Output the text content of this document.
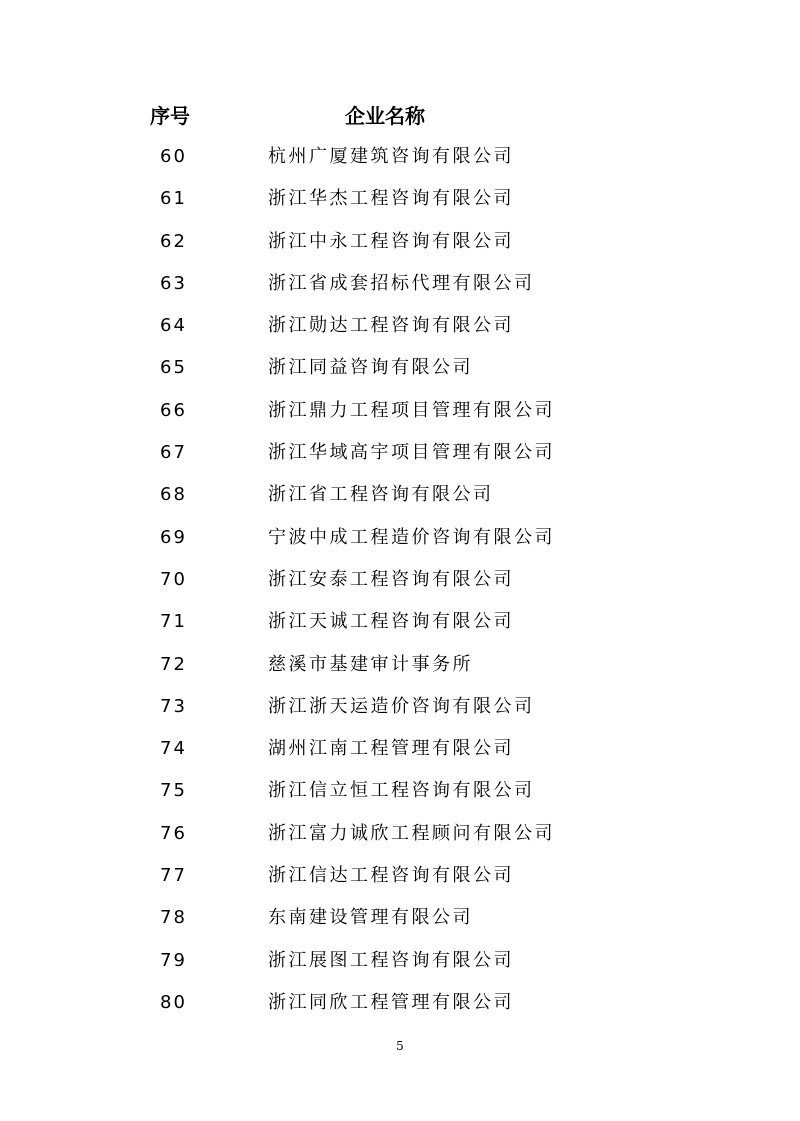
序号	企业名称
60	杭州广厦建筑咨询有限公司
61	浙江华杰工程咨询有限公司
62	浙江中永工程咨询有限公司
63	浙江省成套招标代理有限公司
64	浙江勋达工程咨询有限公司
65	浙江同益咨询有限公司
66	浙江鼎力工程项目管理有限公司
67	浙江华域高宇项目管理有限公司
68	浙江省工程咨询有限公司
69	宁波中成工程造价咨询有限公司
70	浙江安泰工程咨询有限公司
71	浙江天诚工程咨询有限公司
72	慈溪市基建审计事务所
73	浙江浙天运造价咨询有限公司
74	湖州江南工程管理有限公司
75	浙江信立恒工程咨询有限公司
76	浙江富力诚欣工程顾问有限公司
77	浙江信达工程咨询有限公司
78	东南建设管理有限公司
79	浙江展图工程咨询有限公司
80	浙江同欣工程管理有限公司
5
